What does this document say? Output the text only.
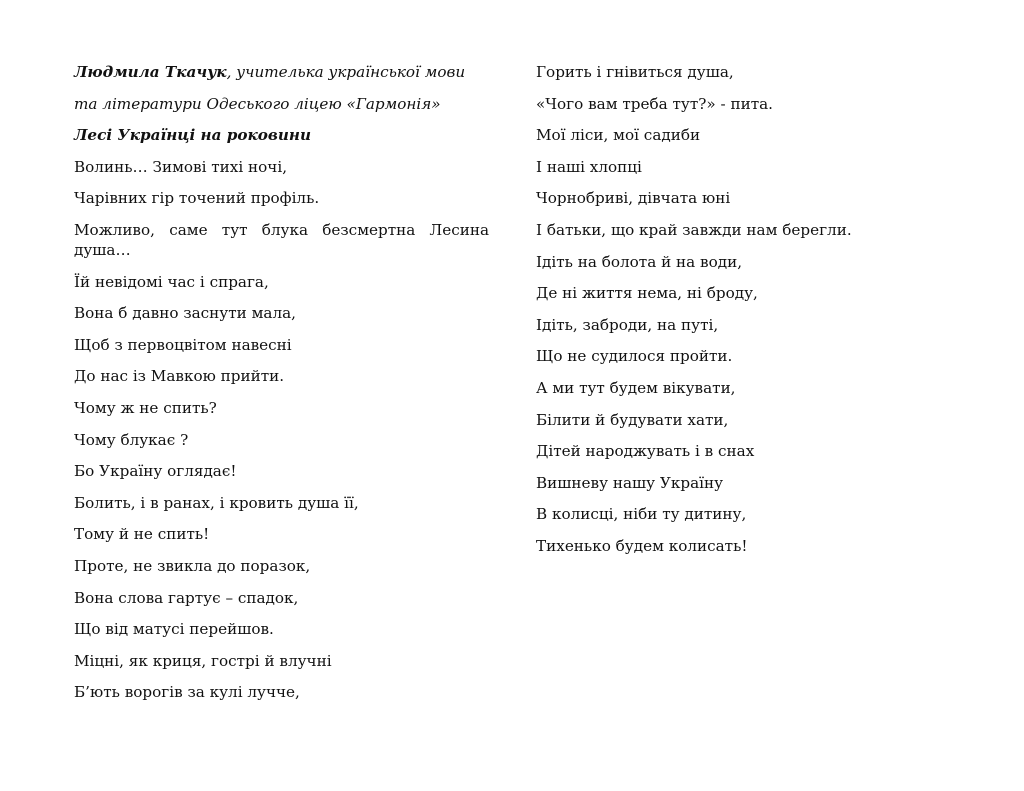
Людмила Ткачук, учителька української мови

та літератури Одеського ліцею «Гармонія»

Лесі Українці на роковини

Волинь… Зимові тихі ночі,

Чарівних гір точений профіль.

Можливо, саме тут блука безсмертна Лесина душа…

Їй невідомі час і спрага,

Вона б давно заснути мала,

Щоб з первоцвітом навесні

До нас із Мавкою прийти.

Чому ж не спить?

Чому блукає ?

Бо Україну оглядає!

Болить, і в ранах, і кровить душа її,

Тому й не спить!

Проте, не звикла до поразок,

Вона слова гартує – спадок,

Що від матусі перейшов.

Міцні, як криця, гострі й влучні

Б’ють ворогів за кулі лучче,

Горить і гнівиться душа,

«Чого вам треба тут?» - пита.

Мої ліси, мої садиби

І наші хлопці

Чорнобриві, дівчата юні

І батьки, що край завжди нам берегли.

Ідіть на болота й на води,

Де ні життя нема, ні броду,

Ідіть, заброди, на путі,

Що не судилося пройти.

А ми тут будем вікувати,

Білити й будувати хати,

Дітей народжувать і в снах

Вишневу нашу Україну

В колисці, ніби ту дитину,

Тихенько будем колисать!
